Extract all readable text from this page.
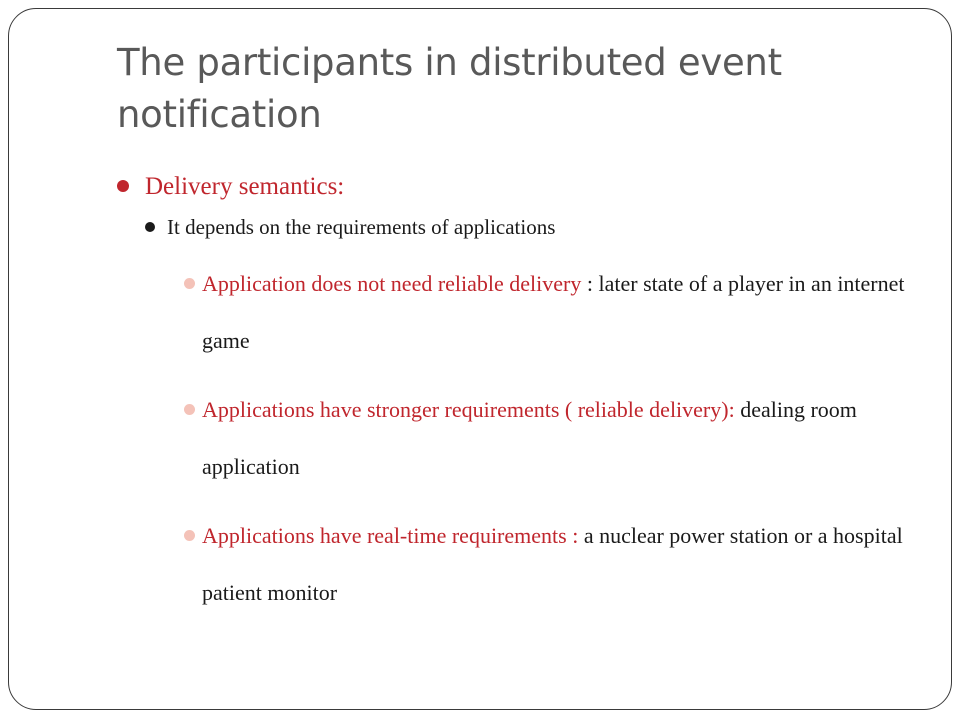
The participants in distributed event notification
Delivery semantics:
It depends on the requirements of applications
Application does not need reliable delivery : later state of a player in an internet game
Applications have stronger requirements ( reliable delivery): dealing room application
Applications have real-time requirements : a nuclear power station or a hospital patient monitor
